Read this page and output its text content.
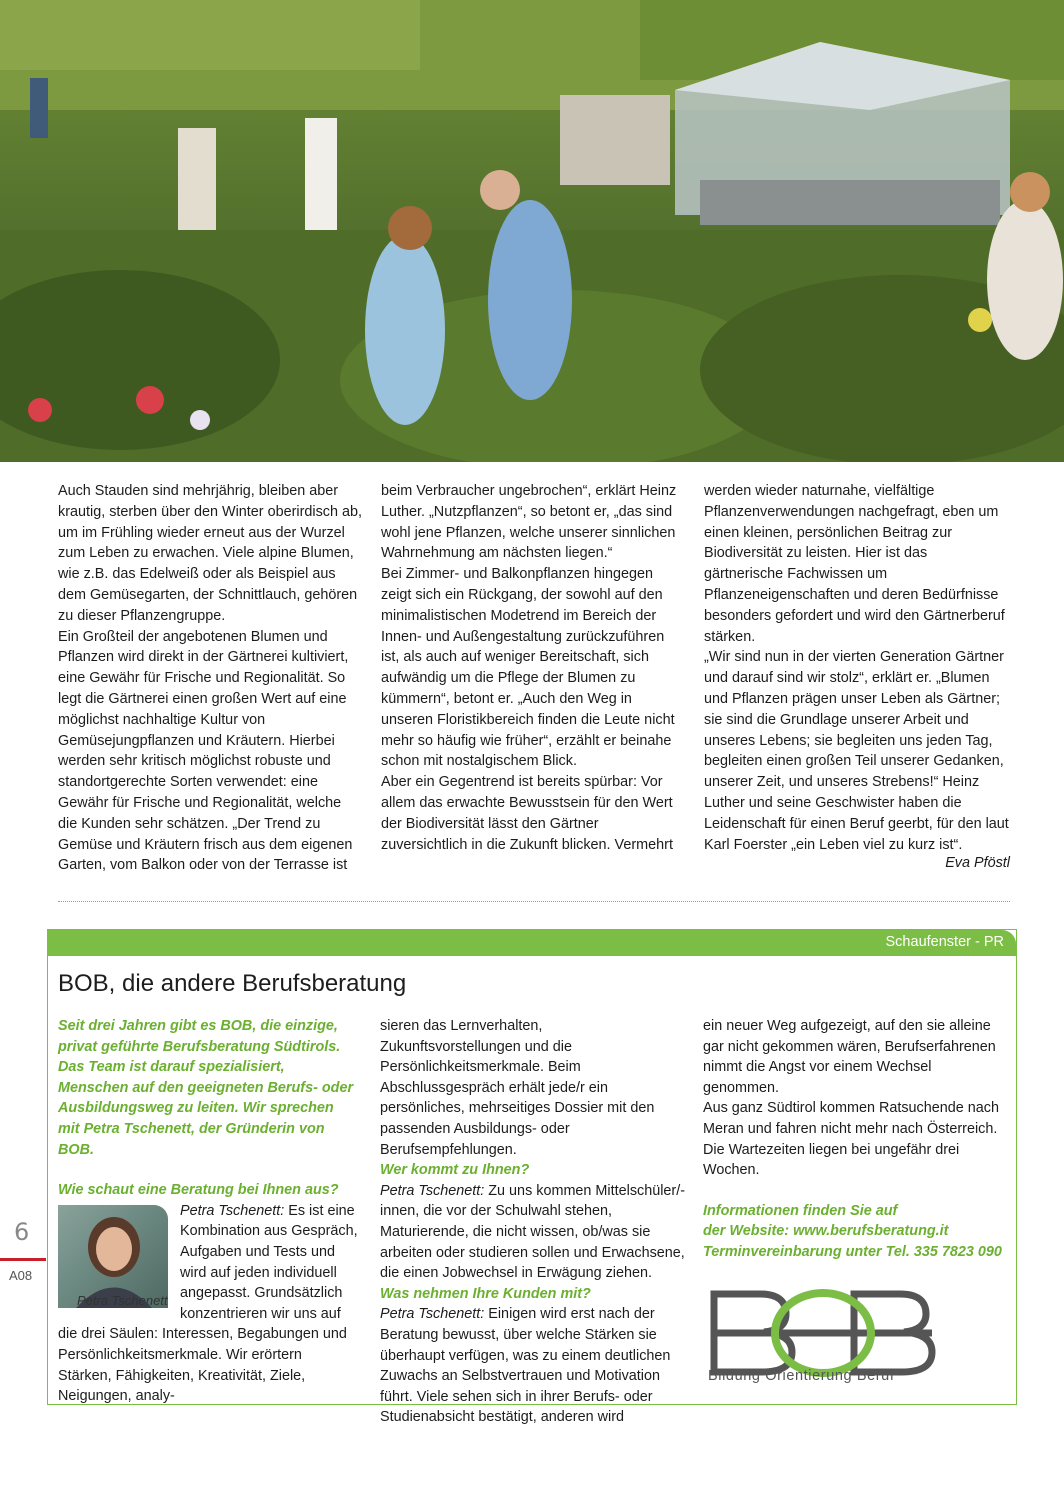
Auch Stauden sind mehrjährig, bleiben aber krautig, sterben über den Winter oberirdisch ab, um im Frühling wieder erneut aus der Wurzel zum Leben zu erwachen. Viele alpine Blumen, wie z.B. das Edelweiß oder als Beispiel aus dem Gemüsegarten, der Schnittlauch, gehören zu dieser Pflanzengruppe.

Ein Großteil der angebotenen Blumen und Pflanzen wird direkt in der Gärtnerei kultiviert, eine Gewähr für Frische und Regionalität. So legt die Gärtnerei einen großen Wert auf eine möglichst nachhaltige Kultur von Gemüsejungpflanzen und Kräutern. Hierbei werden sehr kritisch möglichst robuste und standortgerechte Sorten verwendet: eine Gewähr für Frische und Regionalität, welche die Kunden sehr schätzen. „Der Trend zu Gemüse und Kräutern frisch aus dem eigenen Garten, vom Balkon oder von der Terrasse ist

beim Verbraucher ungebrochen“, erklärt Heinz Luther. „Nutzpflanzen“, so betont er, „das sind wohl jene Pflanzen, welche unserer sinnlichen Wahrnehmung am nächsten liegen.“

Bei Zimmer- und Balkonpflanzen hingegen zeigt sich ein Rückgang, der sowohl auf den minimalistischen Modetrend im Bereich der Innen- und Außengestaltung zurückzuführen ist, als auch auf weniger Bereitschaft, sich aufwändig um die Pflege der Blumen zu kümmern“, betont er. „Auch den Weg in unseren Floristikbereich finden die Leute nicht mehr so häufig wie früher“, erzählt er beinahe schon mit nostalgischem Blick.

Aber ein Gegentrend ist bereits spürbar: Vor allem das erwachte Bewusstsein für den Wert der Biodiversität lässt den Gärtner zuversichtlich in die Zukunft blicken. Vermehrt

werden wieder naturnahe, vielfältige Pflanzenverwendungen nachgefragt, eben um einen kleinen, persönlichen Beitrag zur Biodiversität zu leisten. Hier ist das gärtnerische Fachwissen um Pflanzeneigenschaften und deren Bedürfnisse besonders gefordert und wird den Gärtnerberuf stärken.

„Wir sind nun in der vierten Generation Gärtner und darauf sind wir stolz“, erklärt er. „Blumen und Pflanzen prägen unser Leben als Gärtner; sie sind die Grundlage unserer Arbeit und unseres Lebens; sie begleiten uns jeden Tag, begleiten einen großen Teil unserer Gedanken, unserer Zeit, und unseres Strebens!“ Heinz Luther und seine Geschwister haben die Leidenschaft für einen Beruf geerbt, für den laut Karl Foerster „ein Leben viel zu kurz ist“.

Eva Pföstl
Schaufenster - PR
BOB, die andere Berufsberatung

Seit drei Jahren gibt es BOB, die einzige, privat geführte Berufsberatung Südtirols. Das Team ist darauf spezialisiert, Menschen auf den geeigneten Berufs- oder Ausbildungsweg zu leiten. Wir sprechen mit Petra Tschenett, der Gründerin von BOB.

Wie schaut eine Beratung bei Ihnen aus?

Petra Tschenett: Es ist eine Kombination aus Gespräch, Aufgaben und Tests und wird auf jeden individuell angepasst. Grundsätzlich konzentrieren wir uns auf die drei Säulen: Interessen, Begabungen und Persönlichkeitsmerkmale. Wir erörtern Stärken, Fähigkeiten, Kreativität, Ziele, Neigungen, analy-

Petra Tschenett

sieren das Lernverhalten, Zukunftsvorstellungen und die Persönlichkeitsmerkmale. Beim Abschlussgespräch erhält jede/r ein persönliches, mehrseitiges Dossier mit den passenden Ausbildungs- oder Berufsempfehlungen.

Wer kommt zu Ihnen?

Petra Tschenett: Zu uns kommen Mittelschüler/-innen, die vor der Schulwahl stehen, Maturierende, die nicht wissen, ob/was sie arbeiten oder studieren sollen und Erwachsene, die einen Jobwechsel in Erwägung ziehen.

Was nehmen Ihre Kunden mit?

Petra Tschenett: Einigen wird erst nach der Beratung bewusst, über welche Stärken sie überhaupt verfügen, was zu einem deutlichen Zuwachs an Selbstvertrauen und Motivation führt. Viele sehen sich in ihrer Berufs- oder Studienabsicht bestätigt, anderen wird

ein neuer Weg aufgezeigt, auf den sie alleine gar nicht gekommen wären, Berufserfahrenen nimmt die Angst vor einem Wechsel genommen.

Aus ganz Südtirol kommen Ratsuchende nach Meran und fahren nicht mehr nach Österreich. Die Wartezeiten liegen bei ungefähr drei Wochen.

Informationen finden Sie auf

der Website: www.berufsberatung.it

Terminvereinbarung unter Tel. 335 7823 090

Bildung Orientierung Beruf
6
A08
